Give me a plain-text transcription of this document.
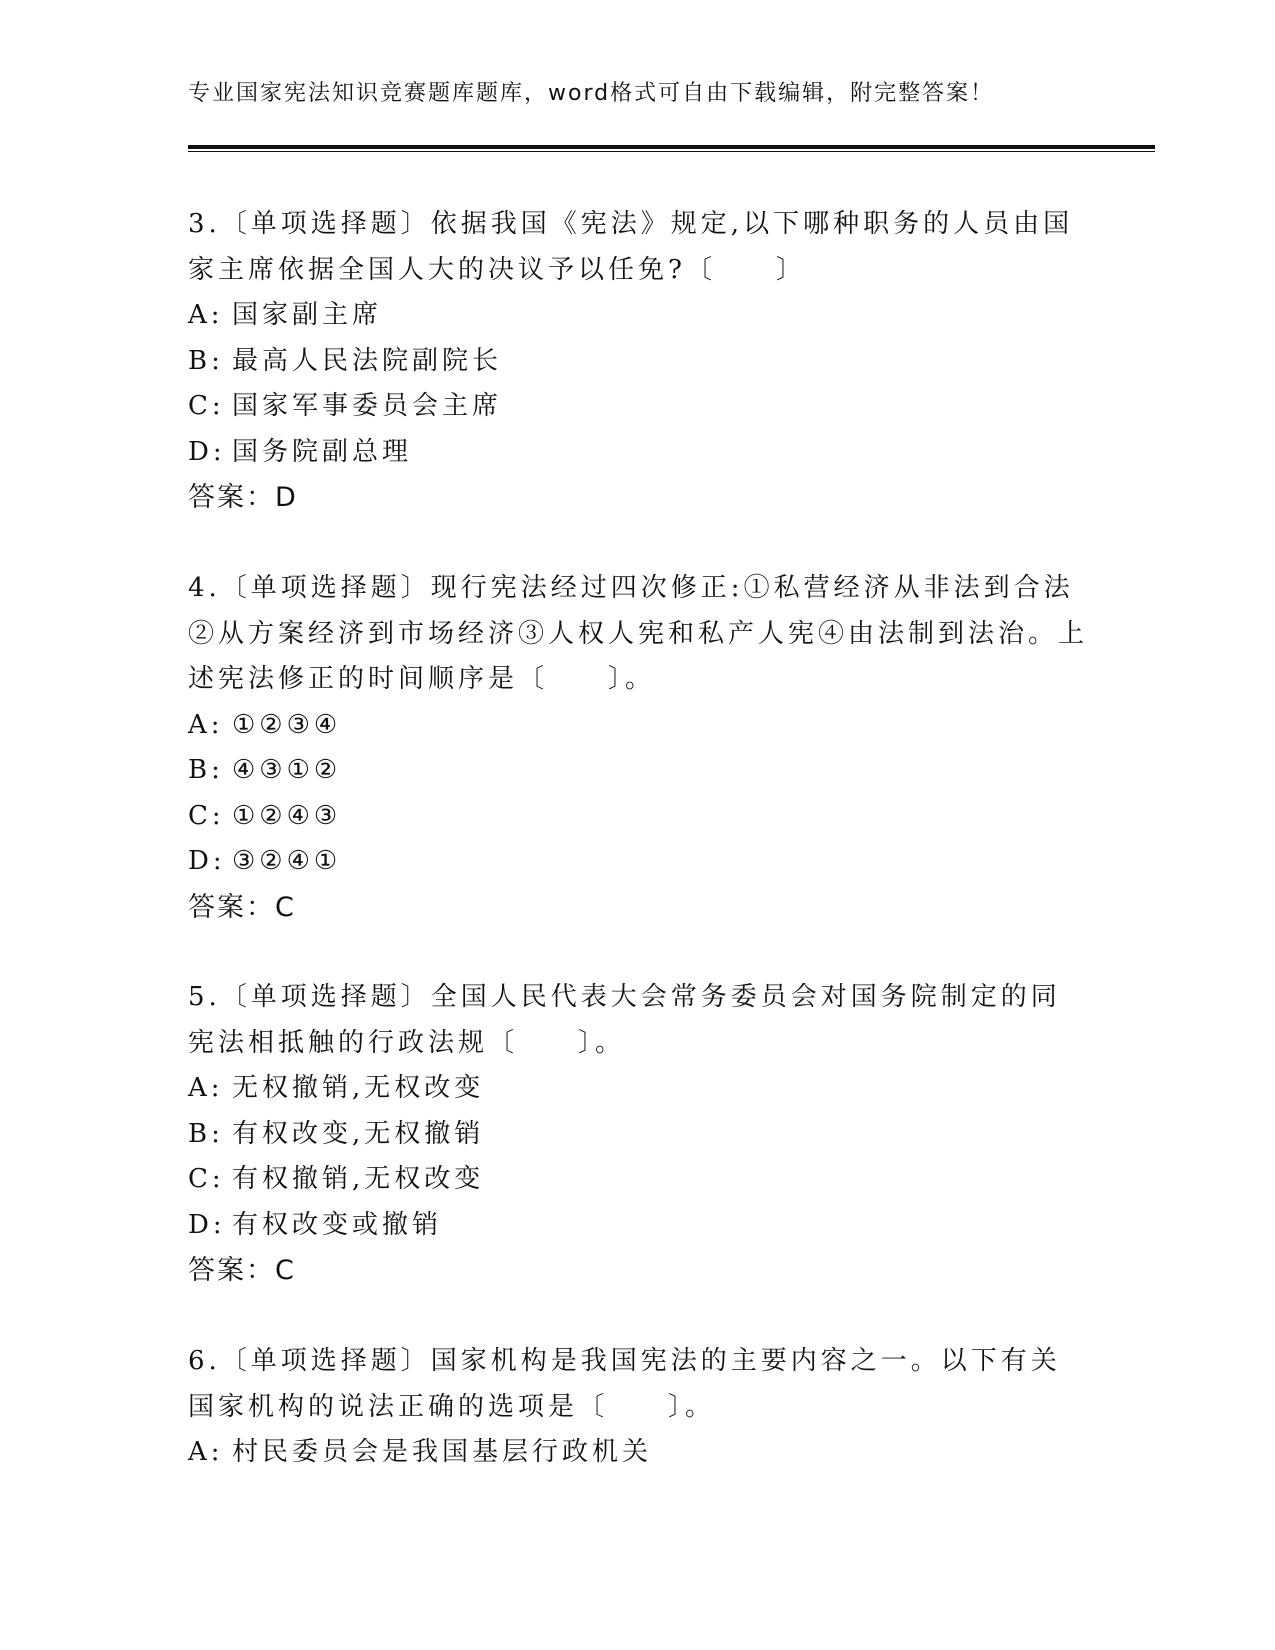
专业国家宪法知识竞赛题库题库，word格式可自由下载编辑，附完整答案！

3.〔单项选择题〕依据我国《宪法》规定,以下哪种职务的人员由国家主席依据全国人大的决议予以任免?〔　　〕

A: 国家副主席
B: 最高人民法院副院长
C: 国家军事委员会主席
D: 国务院副总理
答案：D

4.〔单项选择题〕现行宪法经过四次修正:①私营经济从非法到合法②从方案经济到市场经济③人权人宪和私产人宪④由法制到法治。上述宪法修正的时间顺序是〔　　〕。

A: ①②③④
B: ④③①②
C: ①②④③
D: ③②④①
答案：C

5.〔单项选择题〕全国人民代表大会常务委员会对国务院制定的同宪法相抵触的行政法规〔　　〕。

A: 无权撤销,无权改变
B: 有权改变,无权撤销
C: 有权撤销,无权改变
D: 有权改变或撤销
答案：C

6.〔单项选择题〕国家机构是我国宪法的主要内容之一。以下有关国家机构的说法正确的选项是〔　　〕。

A: 村民委员会是我国基层行政机关
